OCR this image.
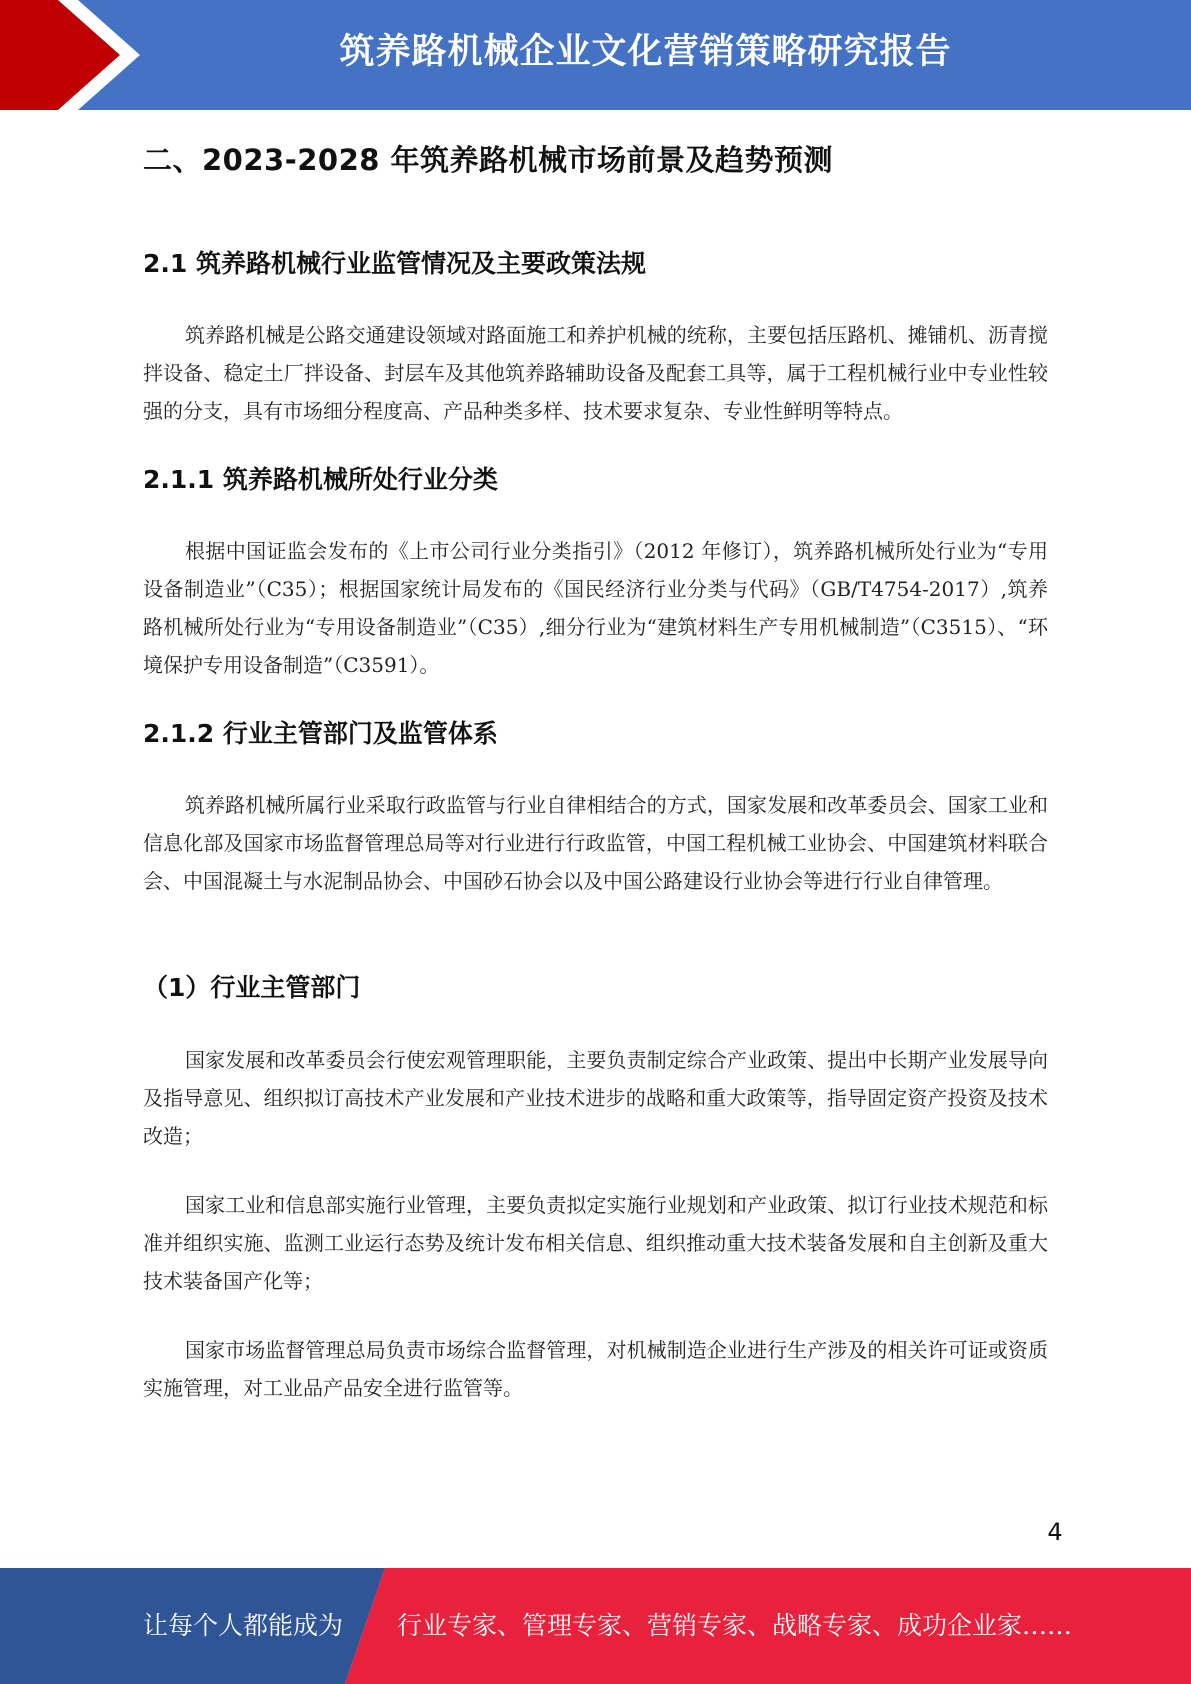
筑养路机械企业文化营销策略研究报告
二、2023-2028 年筑养路机械市场前景及趋势预测
2.1 筑养路机械行业监管情况及主要政策法规

筑养路机械是公路交通建设领域对路面施工和养护机械的统称，主要包括压路机、摊铺机、沥青搅拌设备、稳定土厂拌设备、封层车及其他筑养路辅助设备及配套工具等，属于工程机械行业中专业性较强的分支，具有市场细分程度高、产品种类多样、技术要求复杂、专业性鲜明等特点。

2.1.1 筑养路机械所处行业分类

根据中国证监会发布的《上市公司行业分类指引》（2012 年修订），筑养路机械所处行业为“专用设备制造业”（C35）；根据国家统计局发布的《国民经济行业分类与代码》（GB/T4754-2017）,筑养路机械所处行业为“专用设备制造业”（C35）,细分行业为“建筑材料生产专用机械制造”（C3515）、“环境保护专用设备制造”（C3591）。

2.1.2 行业主管部门及监管体系

筑养路机械所属行业采取行政监管与行业自律相结合的方式，国家发展和改革委员会、国家工业和信息化部及国家市场监督管理总局等对行业进行行政监管，中国工程机械工业协会、中国建筑材料联合会、中国混凝土与水泥制品协会、中国砂石协会以及中国公路建设行业协会等进行行业自律管理。

（1）行业主管部门

国家发展和改革委员会行使宏观管理职能，主要负责制定综合产业政策、提出中长期产业发展导向及指导意见、组织拟订高技术产业发展和产业技术进步的战略和重大政策等，指导固定资产投资及技术改造；

国家工业和信息部实施行业管理，主要负责拟定实施行业规划和产业政策、拟订行业技术规范和标准并组织实施、监测工业运行态势及统计发布相关信息、组织推动重大技术装备发展和自主创新及重大技术装备国产化等；

国家市场监督管理总局负责市场综合监督管理，对机械制造企业进行生产涉及的相关许可证或资质实施管理，对工业品产品安全进行监管等。

4
让每个人都能成为 行业专家、管理专家、营销专家、战略专家、成功企业家……
